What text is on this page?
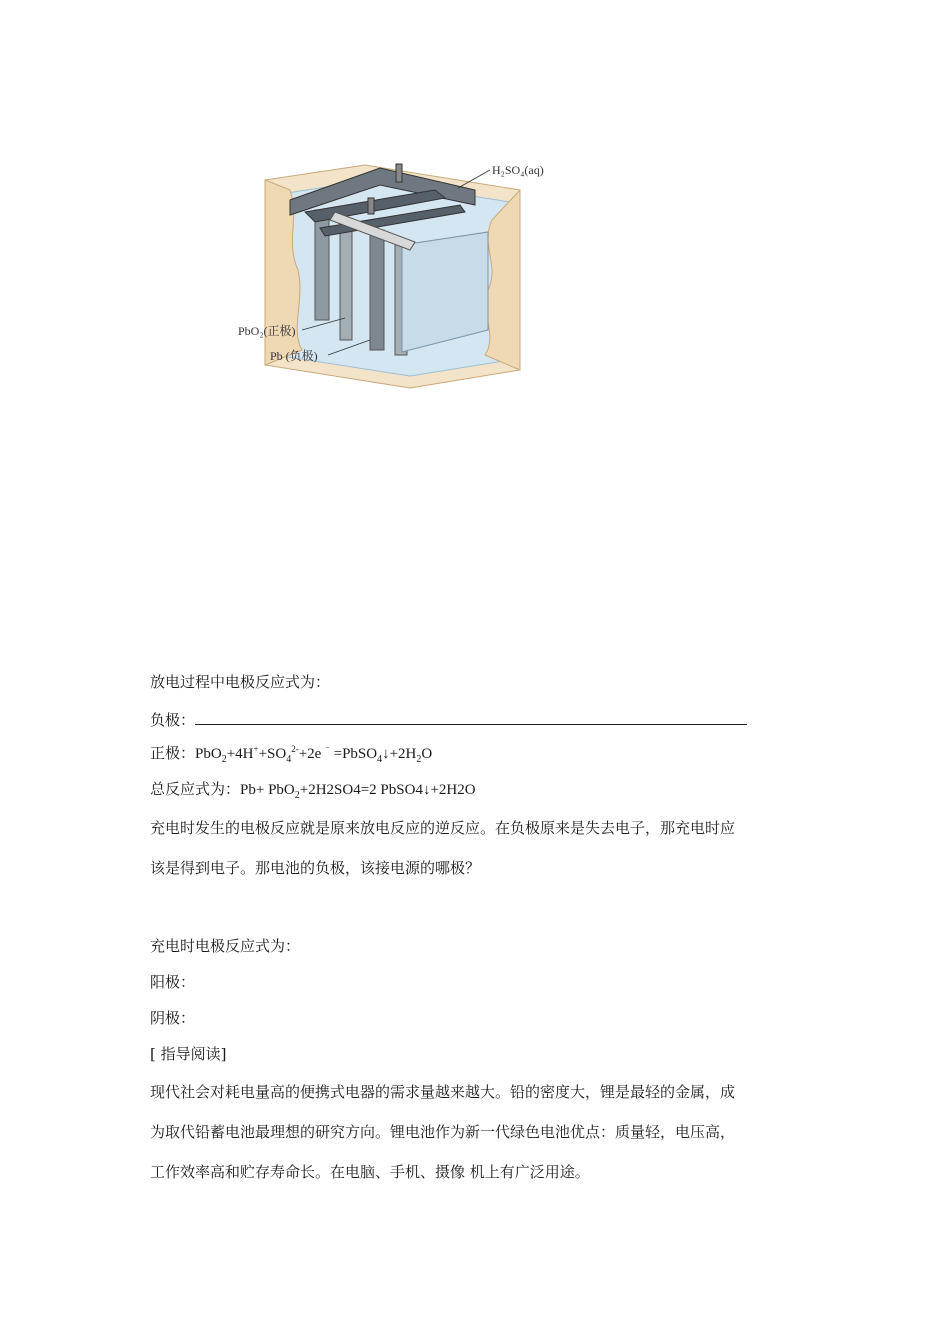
H₂SO₄(aq)
PbO₂(正极)
Pb (负极)
放电过程中电极反应式为：
负极：
正极：$PbO_2+4H^++SO_4^{2-}+2e$ $^{^-} =PbSO_4↓+2H_2O$
总反应式为：Pb+ PbO$_2$+2H2SO4=2 PbSO4↓+2H2O
充电时发生的电极反应就是原来放电反应的逆反应。在负极原来是失去电子，那充电时应
该是得到电子。那电池的负极，该接电源的哪极？
充电时电极反应式为：
阳极：
阴极：
[ 指导阅读]
现代社会对耗电量高的便携式电器的需求量越来越大。铅的密度大，锂是最轻的金属，成
为取代铅蓄电池最理想的研究方向。锂电池作为新一代绿色电池优点：质量轻，电压高，
工作效率高和贮存寿命长。在电脑、手机、摄像 机上有广泛用途。
